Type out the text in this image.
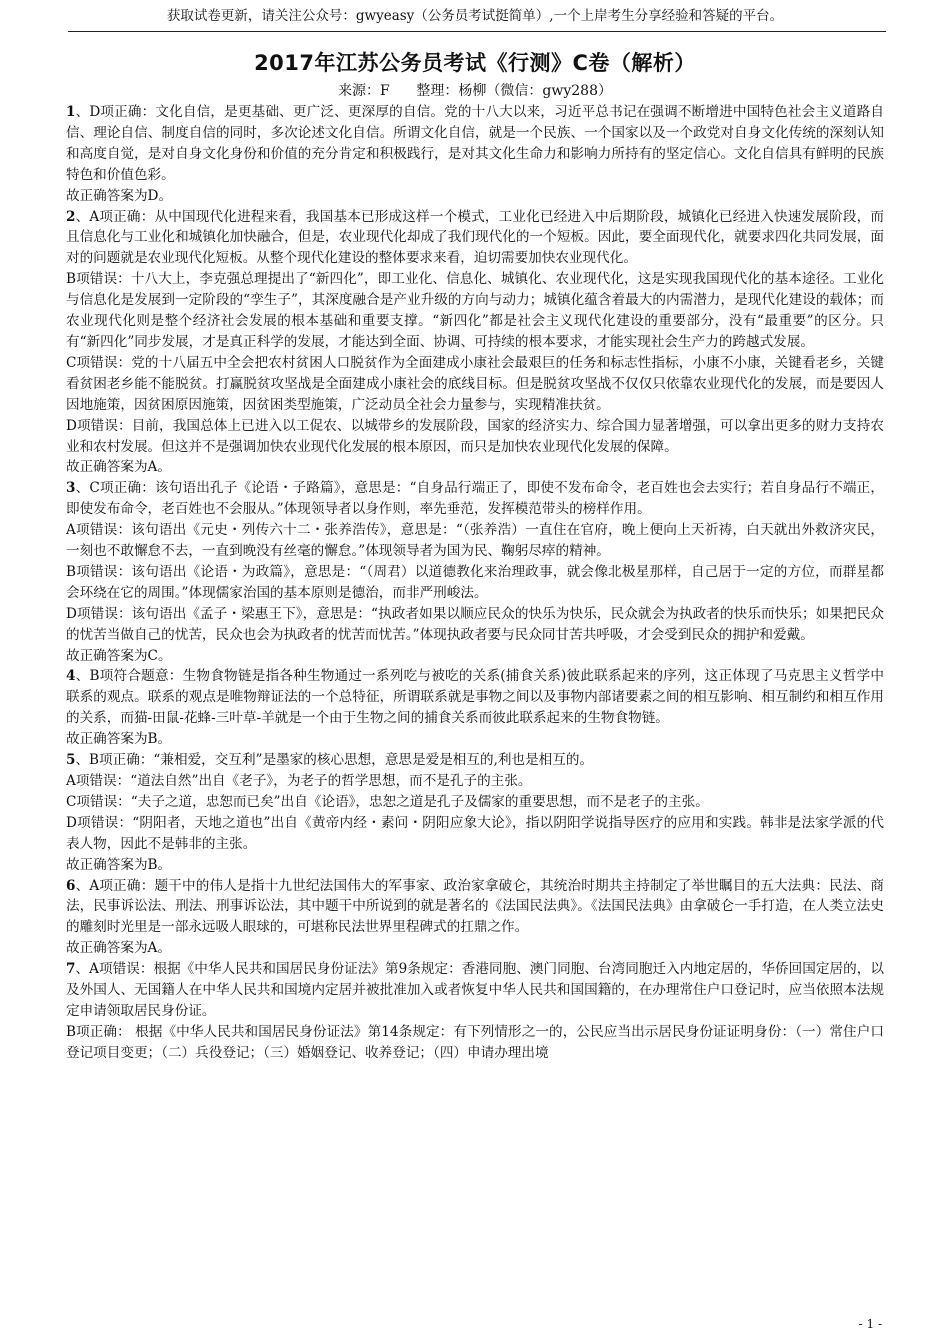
获取试卷更新，请关注公众号：gwyeasy（公务员考试挺简单）,一个上岸考生分享经验和答疑的平台。
2017年江苏公务员考试《行测》C卷（解析）
来源：F      整理：杨柳（微信：gwy288）

1、D项正确：文化自信，是更基础、更广泛、更深厚的自信。党的十八大以来，习近平总书记在强调不断增进中国特色社会主义道路自信、理论自信、制度自信的同时，多次论述文化自信。所谓文化自信，就是一个民族、一个国家以及一个政党对自身文化传统的深刻认知和高度自觉，是对自身文化身份和价值的充分肯定和积极践行，是对其文化生命力和影响力所持有的坚定信心。文化自信具有鲜明的民族特色和价值色彩。

故正确答案为D。

2、A项正确：从中国现代化进程来看，我国基本已形成这样一个模式，工业化已经进入中后期阶段，城镇化已经进入快速发展阶段，而且信息化与工业化和城镇化加快融合，但是，农业现代化却成了我们现代化的一个短板。因此，要全面现代化，就要求四化共同发展，面对的问题就是农业现代化短板。从整个现代化建设的整体要求来看，迫切需要加快农业现代化。

B项错误：十八大上，李克强总理提出了“新四化”，即工业化、信息化、城镇化、农业现代化，这是实现我国现代化的基本途径。工业化与信息化是发展到一定阶段的“孪生子”，其深度融合是产业升级的方向与动力；城镇化蕴含着最大的内需潜力，是现代化建设的载体；而农业现代化则是整个经济社会发展的根本基础和重要支撑。“新四化”都是社会主义现代化建设的重要部分，没有“最重要”的区分。只有“新四化”同步发展，才是真正科学的发展，才能达到全面、协调、可持续的根本要求，才能实现社会生产力的跨越式发展。

C项错误：党的十八届五中全会把农村贫困人口脱贫作为全面建成小康社会最艰巨的任务和标志性指标，小康不小康，关键看老乡，关键看贫困老乡能不能脱贫。打赢脱贫攻坚战是全面建成小康社会的底线目标。但是脱贫攻坚战不仅仅只依靠农业现代化的发展，而是要因人因地施策，因贫困原因施策，因贫困类型施策，广泛动员全社会力量参与，实现精准扶贫。

D项错误：目前，我国总体上已进入以工促农、以城带乡的发展阶段，国家的经济实力、综合国力显著增强，可以拿出更多的财力支持农业和农村发展。但这并不是强调加快农业现代化发展的根本原因，而只是加快农业现代化发展的保障。

故正确答案为A。

3、C项正确：该句语出孔子《论语・子路篇》，意思是：“自身品行端正了，即使不发布命令，老百姓也会去实行；若自身品行不端正，即使发布命令，老百姓也不会服从。”体现领导者以身作则，率先垂范，发挥模范带头的榜样作用。

A项错误：该句语出《元史・列传六十二・张养浩传》，意思是：“（张养浩）一直住在官府，晚上便向上天祈祷，白天就出外救济灾民，一刻也不敢懈怠不去，一直到晚没有丝毫的懈怠。”体现领导者为国为民、鞠躬尽瘁的精神。

B项错误：该句语出《论语・为政篇》，意思是：“（周君）以道德教化来治理政事，就会像北极星那样，自己居于一定的方位，而群星都会环绕在它的周围。”体现儒家治国的基本原则是德治，而非严刑峻法。

D项错误：该句语出《孟子・梁惠王下》，意思是：“执政者如果以顺应民众的快乐为快乐，民众就会为执政者的快乐而快乐；如果把民众的忧苦当做自己的忧苦，民众也会为执政者的忧苦而忧苦。”体现执政者要与民众同甘苦共呼吸，才会受到民众的拥护和爱戴。

故正确答案为C。

4、B项符合题意：生物食物链是指各种生物通过一系列吃与被吃的关系(捕食关系)彼此联系起来的序列，这正体现了马克思主义哲学中联系的观点。联系的观点是唯物辩证法的一个总特征，所谓联系就是事物之间以及事物内部诸要素之间的相互影响、相互制约和相互作用的关系，而猫-田鼠-花蜂-三叶草-羊就是一个由于生物之间的捕食关系而彼此联系起来的生物食物链。

故正确答案为B。

5、B项正确：“兼相爱，交互利”是墨家的核心思想，意思是爱是相互的,利也是相互的。

A项错误：“道法自然”出自《老子》，为老子的哲学思想，而不是孔子的主张。

C项错误：“夫子之道，忠恕而已矣”出自《论语》，忠恕之道是孔子及儒家的重要思想，而不是老子的主张。

D项错误：“阴阳者，天地之道也”出自《黄帝内经・素问・阴阳应象大论》，指以阴阳学说指导医疗的应用和实践。韩非是法家学派的代表人物，因此不是韩非的主张。

故正确答案为B。

6、A项正确：题干中的伟人是指十九世纪法国伟大的军事家、政治家拿破仑，其统治时期共主持制定了举世瞩目的五大法典：民法、商法，民事诉讼法、刑法、刑事诉讼法，其中题干中所说到的就是著名的《法国民法典》。《法国民法典》由拿破仑一手打造，在人类立法史的雕刻时光里是一部永远吸人眼球的，可堪称民法世界里程碑式的扛鼎之作。

故正确答案为A。

7、A项错误：根据《中华人民共和国居民身份证法》第9条规定：香港同胞、澳门同胞、台湾同胞迁入内地定居的，华侨回国定居的，以及外国人、无国籍人在中华人民共和国境内定居并被批准加入或者恢复中华人民共和国国籍的，在办理常住户口登记时，应当依照本法规定申请领取居民身份证。

B项正确： 根据《中华人民共和国居民身份证法》第14条规定：有下列情形之一的，公民应当出示居民身份证证明身份：（一）常住户口登记项目变更；（二）兵役登记；（三）婚姻登记、收养登记；（四）申请办理出境

- 1 -
